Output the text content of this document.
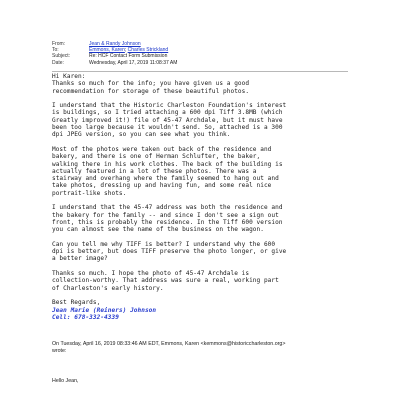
From:	Jean & Randy Johnson
To:	Emmons, Karen; Charles Strickland
Subject:	Re: HCF Contact Form Submission
Date:	Wednesday, April 17, 2019 11:08:37 AM
Hi Karen:
Thanks so much for the info; you have given us a good
recommendation for storage of these beautiful photos.
I understand that the Historic Charleston Foundation's interest
is buildings, so I tried attaching a 600 dpi Tiff 3.8MB (which
Greatly improved it!) file of 45-47 Archdale, but it must have
been too large because it wouldn't send. So, attached is a 300
dpi JPEG version, so you can see what you think.
Most of the photos were taken out back of the residence and
bakery, and there is one of Herman Schlufter, the baker,
walking there in his work clothes. The back of the building is
actually featured in a lot of these photos. There was a
stairway and overhang where the family seemed to hang out and
take photos, dressing up and having fun, and some real nice
portrait-like shots.
I understand that the 45-47 address was both the residence and
the bakery for the family -- and since I don't see a sign out
front, this is probably the residence. In the Tiff 600 version
you can almost see the name of the business on the wagon.
Can you tell me why TIFF is better? I understand why the 600
dpi is better, but does TIFF preserve the photo longer, or give
a better image?
Thanks so much. I hope the photo of 45-47 Archdale is
collection-worthy. That address was sure a real, working part
of Charleston's early history.
Best Regards,
Jean Marie (Reiners) Johnson
Cell: 678-332-4339
On Tuesday, April 16, 2019 08:33:46 AM EDT, Emmons, Karen <kemmons@historiccharleston.org>
wrote:
Hello Jean,
